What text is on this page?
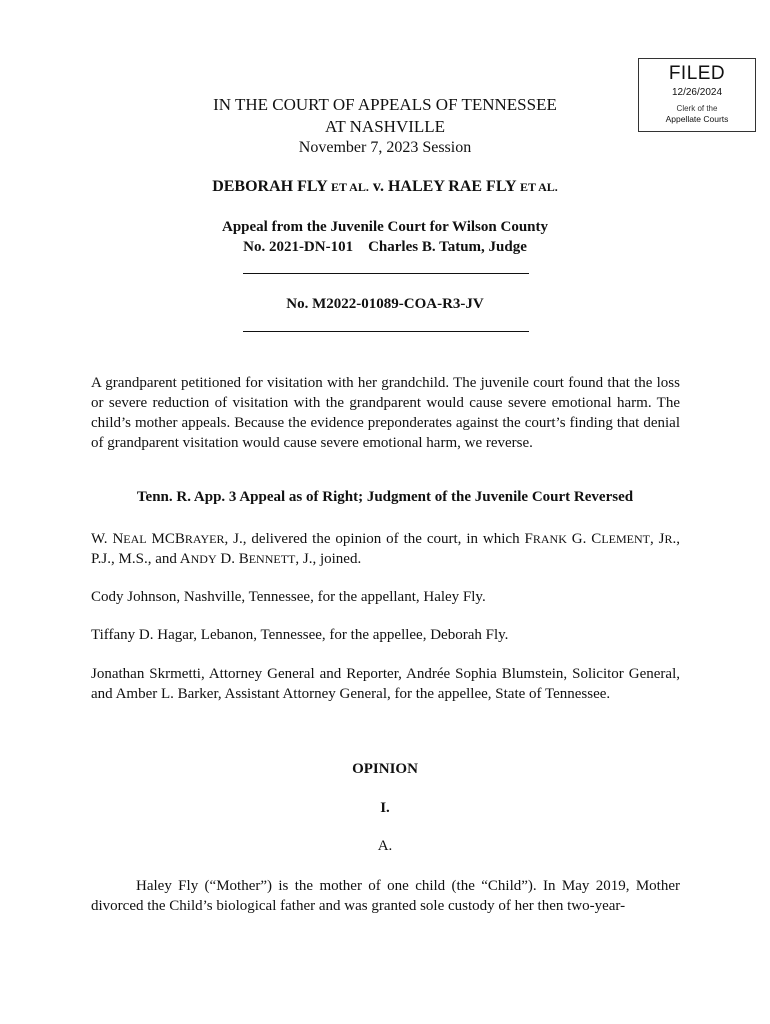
FILED
12/26/2024
Clerk of the
Appellate Courts
IN THE COURT OF APPEALS OF TENNESSEE
AT NASHVILLE
November 7, 2023 Session
DEBORAH FLY ET AL. v. HALEY RAE FLY ET AL.
Appeal from the Juvenile Court for Wilson County
No. 2021-DN-101    Charles B. Tatum, Judge
No. M2022-01089-COA-R3-JV
A grandparent petitioned for visitation with her grandchild. The juvenile court found that the loss or severe reduction of visitation with the grandparent would cause severe emotional harm. The child’s mother appeals. Because the evidence preponderates against the court’s finding that denial of grandparent visitation would cause severe emotional harm, we reverse.
Tenn. R. App. 3 Appeal as of Right; Judgment of the Juvenile Court Reversed
W. NEAL MCBRAYER, J., delivered the opinion of the court, in which FRANK G. CLEMENT, JR., P.J., M.S., and ANDY D. BENNETT, J., joined.
Cody Johnson, Nashville, Tennessee, for the appellant, Haley Fly.
Tiffany D. Hagar, Lebanon, Tennessee, for the appellee, Deborah Fly.
Jonathan Skrmetti, Attorney General and Reporter, Andrée Sophia Blumstein, Solicitor General, and Amber L. Barker, Assistant Attorney General, for the appellee, State of Tennessee.
OPINION
I.
A.
Haley Fly (“Mother”) is the mother of one child (the “Child”). In May 2019, Mother divorced the Child’s biological father and was granted sole custody of her then two-year-
